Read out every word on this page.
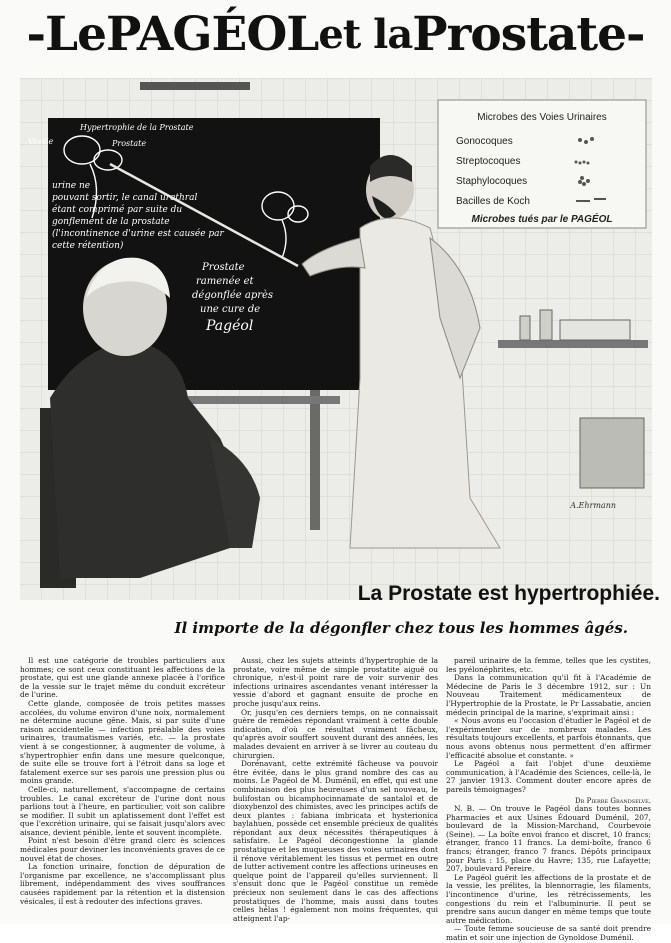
- Le PAGÉOL et la Prostate -
Hypertrophie de la Prostate
Vessie	Prostate
urine ne
pouvant sortir, le canal urethral
étant comprimé par suite du
gonflement de la prostate
(l'incontinence d'urine est causée par
cette rétention)
Prostate
ramenée et
dégonflée après
une cure de
Pagéol
Microbes des Voies Urinaires
Gonocoques
Streptocoques
Staphylocoques
Bacilles de Koch
Microbes tués par le PAGÉOL
A.Ehrmann
La Prostate est hypertrophiée.
Il importe de la dégonfler chez tous les hommes âgés.

Il est une catégorie de troubles particuliers aux hommes; ce sont ceux constituant les affections de la prostate, qui est une glande annexe placée à l'orifice de la vessie sur le trajet même du conduit excréteur de l'urine.

Cette glande, composée de trois petites masses accolées, du volume environ d'une noix, normalement ne détermine aucune gêne. Mais, si par suite d'une raison accidentelle — infection préalable des voies urinaires, traumatismes variés, etc. — la prostate vient à se congestionner, à augmenter de volume, à s'hypertrophier enfin dans une mesure quelconque, de suite elle se trouve fort à l'étroit dans sa loge et fatalement exerce sur ses parois une pression plus ou moins grande.

Celle-ci, naturellement, s'accompagne de certains troubles. Le canal excréteur de l'urine dont nous parlions tout à l'heure, en particulier, voit son calibre se modifier. Il subit un aplatissement dont l'effet est que l'excrétion urinaire, qui se faisait jusqu'alors avec aisance, devient pénible, lente et souvent incomplète.

Point n'est besoin d'être grand clerc ès sciences médicales pour deviner les inconvénients graves de ce nouvel état de choses.

La fonction urinaire, fonction de dépuration de l'organisme par excellence, ne s'accomplissant plus librement, indépendamment des vives souffrances causées rapidement par la rétention et la distension vésicales, il est à redouter des infections graves.

Aussi, chez les sujets atteints d'hypertrophie de la prostate, voire même de simple prostatite aiguë ou chronique, n'est-il point rare de voir survenir des infections urinaires ascendantes venant intéresser la vessie d'abord et gagnant ensuite de proche en proche jusqu'aux reins.

Or, jusqu'en ces derniers temps, on ne connaissait guère de remèdes répondant vraiment à cette double indication, d'où ce résultat vraiment fâcheux, qu'après avoir souffert souvent durant des années, les malades devaient en arriver à se livrer au couteau du chirurgien.

Dorénavant, cette extrémité fâcheuse va pouvoir être évitée, dans le plus grand nombre des cas au moins. Le Pagéol de M. Duménil, en effet, qui est une combinaison des plus heureuses d'un sel nouveau, le bulifostan ou bicamphocinnamate de santalol et de dioxybenzol des chimistes, avec les principes actifs de deux plantes : fabiana imbricata et hysterionica baylahuen, possède cet ensemble précieux de qualités répondant aux deux nécessités thérapeutiques à satisfaire. Le Pagéol décongestionne la glande prostatique et les muqueuses des voies urinaires dont il rénove véritablement les tissus et permet en outre de lutter activement contre les affections urineuses en quelque point de l'appareil qu'elles surviennent. Il s'ensuit donc que le Pagéol constitue un remède précieux non seulement dans le cas des affections prostatiques de l'homme, mais aussi dans toutes celles hélas ! également non moins fréquentes, qui atteignent l'ap-

pareil urinaire de la femme, telles que les cystites, les pyélonéphrites, etc.

Dans la communication qu'il fit à l'Académie de Médecine de Paris le 3 décembre 1912, sur : Un Nouveau Traitement médicamenteux de l'Hypertrophie de la Prostate, le Pr Lassabatie, ancien médecin principal de la marine, s'exprimait ainsi :

« Nous avons eu l'occasion d'étudier le Pagéol et de l'expérimenter sur de nombreux malades. Les résultats toujours excellents, et parfois étonnants, que nous avons obtenus nous permettent d'en affirmer l'efficacité absolue et constante. »

Le Pagéol a fait l'objet d'une deuxième communication, à l'Académie des Sciences, celle-là, le 27 janvier 1913. Comment douter encore après de pareils témoignages?

Dr Pierre Grandselve.

N. B. — On trouve le Pagéol dans toutes bonnes Pharmacies et aux Usines Édouard Duménil, 207, boulevard de la Mission-Marchand, Courbevoie (Seine). — La boîte envoi franco et discret, 10 francs; étranger, franco 11 francs. La demi-boîte, franco 6 francs; étranger, franco 7 francs. Dépôts principaux pour Paris : 15, place du Havre; 135, rue Lafayette; 207, boulevard Pereire.

Le Pagéol guérit les affections de la prostate et de la vessie, les prélites, la blennorragie, les filaments, l'incontinence d'urine, les rétrécissements, les congestions du rein et l'albuminurie. Il peut se prendre sans aucun danger en même temps que toute autre médication.

— Toute femme soucieuse de sa santé doit prendre matin et soir une injection de Gynoldose Duménil.
